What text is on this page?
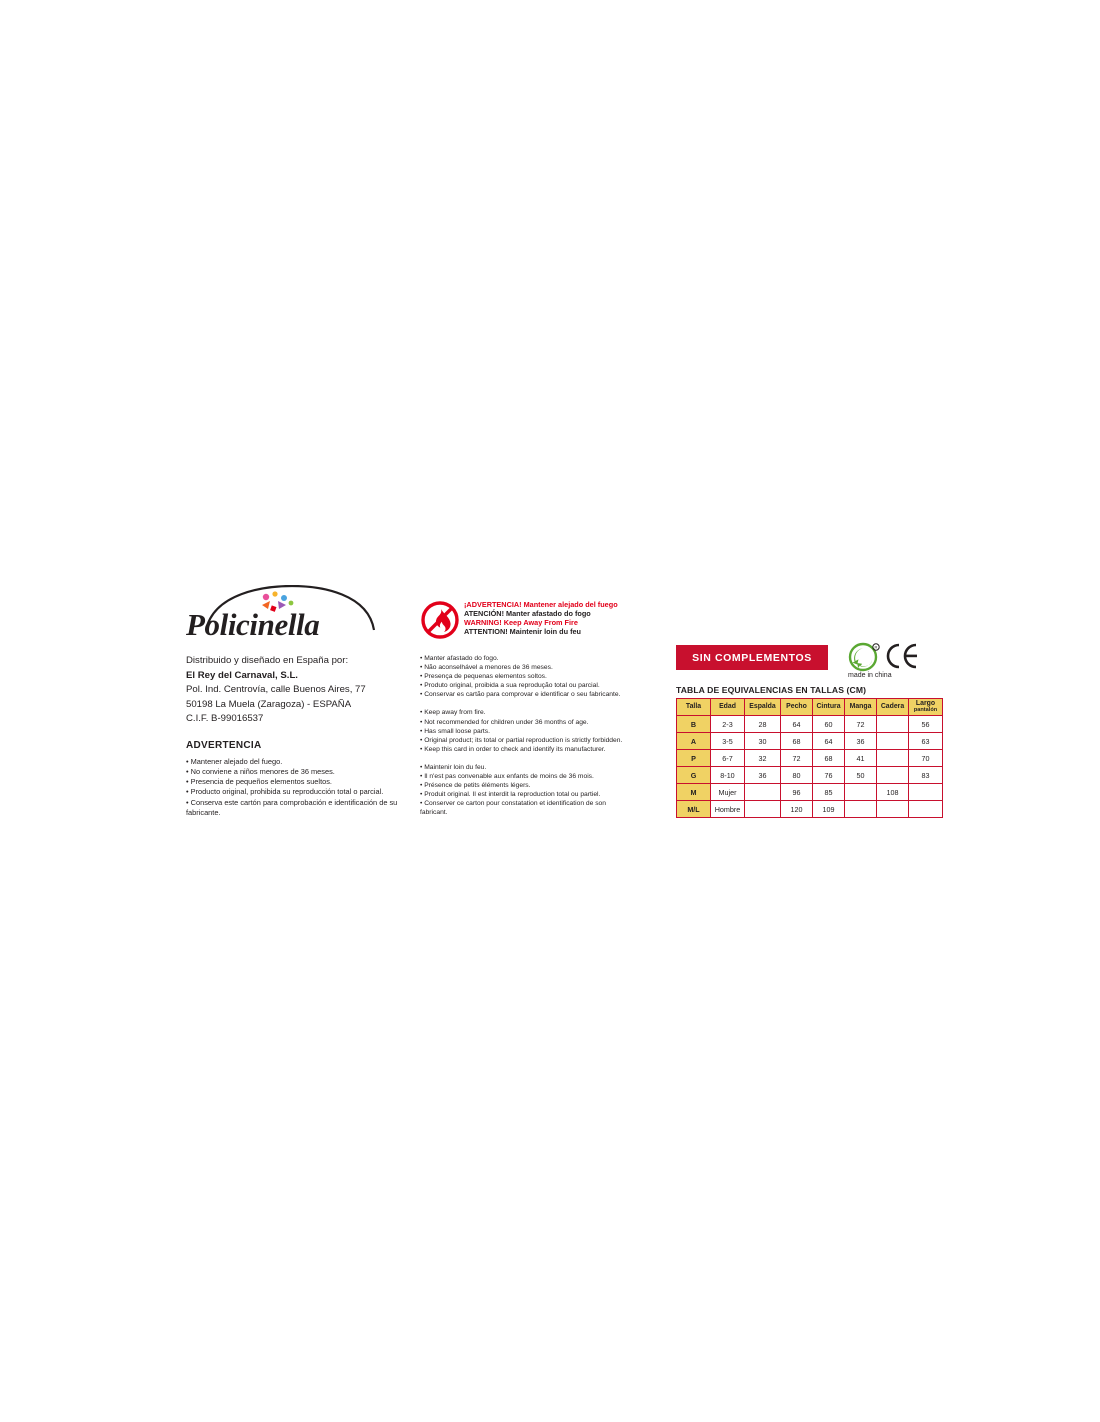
Policinella
Distribuido y diseñado en España por:
El Rey del Carnaval, S.L.
Pol. Ind. Centrovía, calle Buenos Aires, 77
50198 La Muela (Zaragoza) - ESPAÑA
C.I.F. B-99016537
ADVERTENCIA
• Mantener alejado del fuego.
• No conviene a niños menores de 36 meses.
• Presencia de pequeños elementos sueltos.
• Producto original, prohibida su reproducción total o parcial.
• Conserva este cartón para comprobación e identificación de su fabricante.
¡ADVERTENCIA! Mantener alejado del fuego
ATENCIÓN! Manter afastado do fogo
WARNING! Keep Away From Fire
ATTENTION! Maintenir loin du feu
• Manter afastado do fogo.
• Não aconselhável a menores de 36 meses.
• Presença de pequenas elementos soltos.
• Produto original, proibida a sua reprodução total ou parcial.
• Conservar es cartão para comprovar e identificar o seu fabricante.
• Keep away from fire.
• Not recommended for children under 36 months of age.
• Has small loose parts.
• Original product; its total or partial reproduction is strictly forbidden.
• Keep this card in order to check and identify its manufacturer.
• Maintenir loin du feu.
• Il n'est pas convenable aux enfants de moins de 36 mois.
• Présence de petits éléments légers.
• Produit original. Il est interdit la reproduction total ou partiel.
• Conserver ce carton pour constatation et identification de son fabricant.
SIN COMPLEMENTOS
R
made in china
TABLA DE EQUIVALENCIAS EN TALLAS (CM)
Talla	Edad	Espalda	Pecho	Cintura	Manga	Cadera	Largo
pantalón

B	2-3	28	64	60	72		56
A	3-5	30	68	64	36		63
P	6-7	32	72	68	41		70
G	8-10	36	80	76	50		83
M	Mujer		96	85		108	
M/L	Hombre		120	109			
